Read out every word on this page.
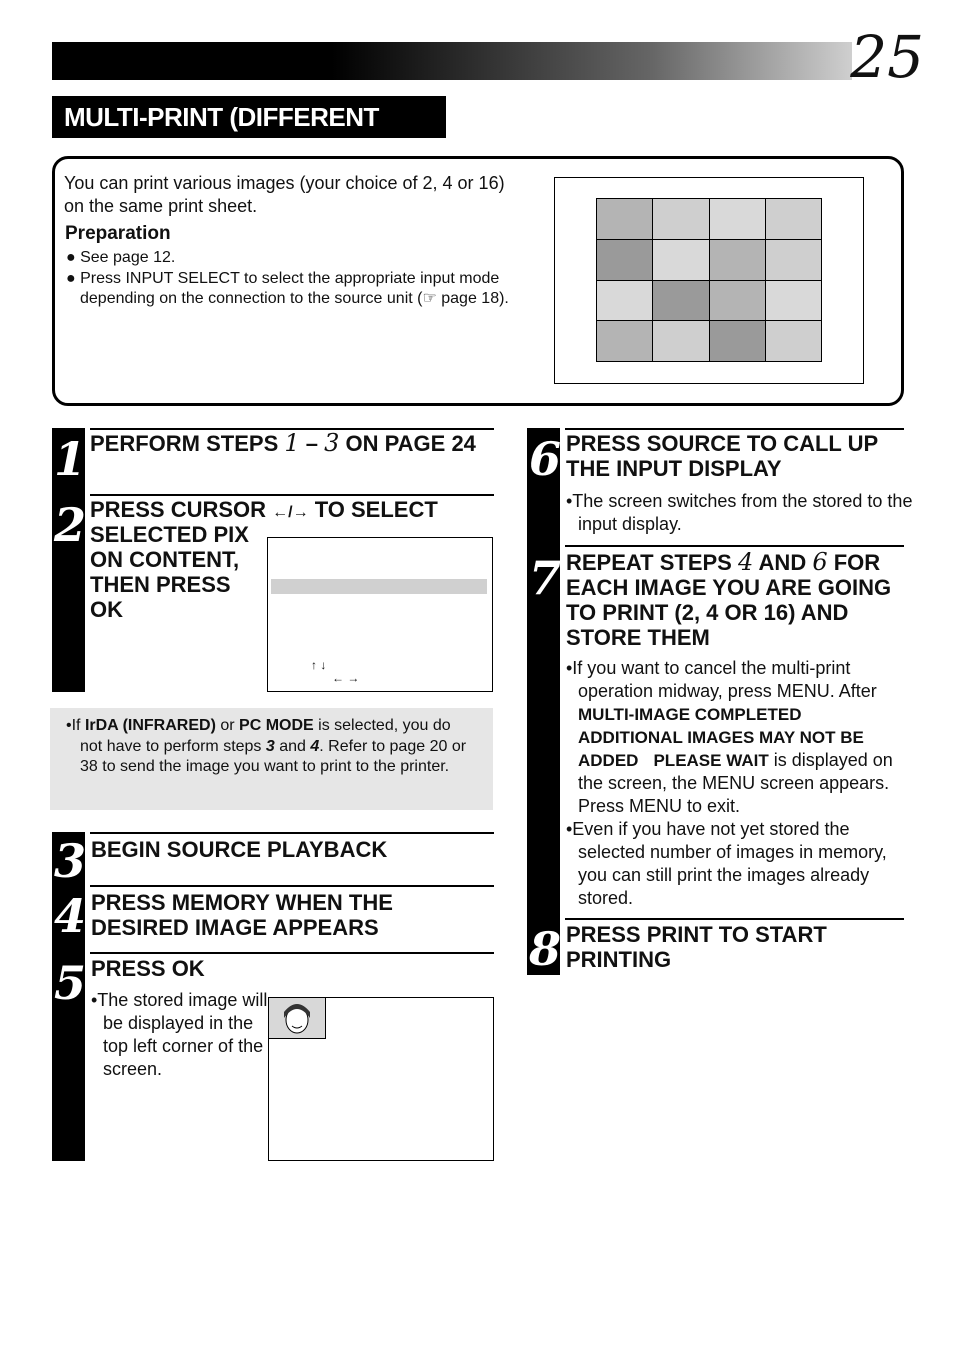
25
MULTI-PRINT (DIFFERENT SCENES)
You can print various images (your choice of 2, 4 or 16) on the same print sheet.
Preparation
● See page 12.
● Press INPUT SELECT to select the appropriate input mode depending on the connection to the source unit (☞ page 18).
1
2
PERFORM STEPS 1 – 3 ON PAGE 24
PRESS CURSOR ←/→ TO SELECT
SELECTED PIX ON CONTENT, THEN PRESS OK
↑ ↓
← →
•If IrDA (INFRARED) or PC MODE is selected, you do not have to perform steps 3 and 4. Refer to page 20 or 38 to send the image you want to print to the printer.
3
4
5
BEGIN SOURCE PLAYBACK
PRESS MEMORY WHEN THE DESIRED IMAGE APPEARS
PRESS OK
•The stored image will be displayed in the top left corner of the screen.
6
7
8
PRESS SOURCE TO CALL UP THE INPUT DISPLAY
•The screen switches from the stored to the input display.
REPEAT STEPS 4 AND 6 FOR EACH IMAGE YOU ARE GOING TO PRINT (2, 4 OR 16) AND STORE THEM
•If you want to cancel the multi-print operation midway, press MENU. After MULTI-IMAGE COMPLETED ADDITIONAL IMAGES MAY NOT BE ADDED PLEASE WAIT is displayed on the screen, the MENU screen appears. Press MENU to exit.
•Even if you have not yet stored the selected number of images in memory, you can still print the images already stored.
PRESS PRINT TO START PRINTING
